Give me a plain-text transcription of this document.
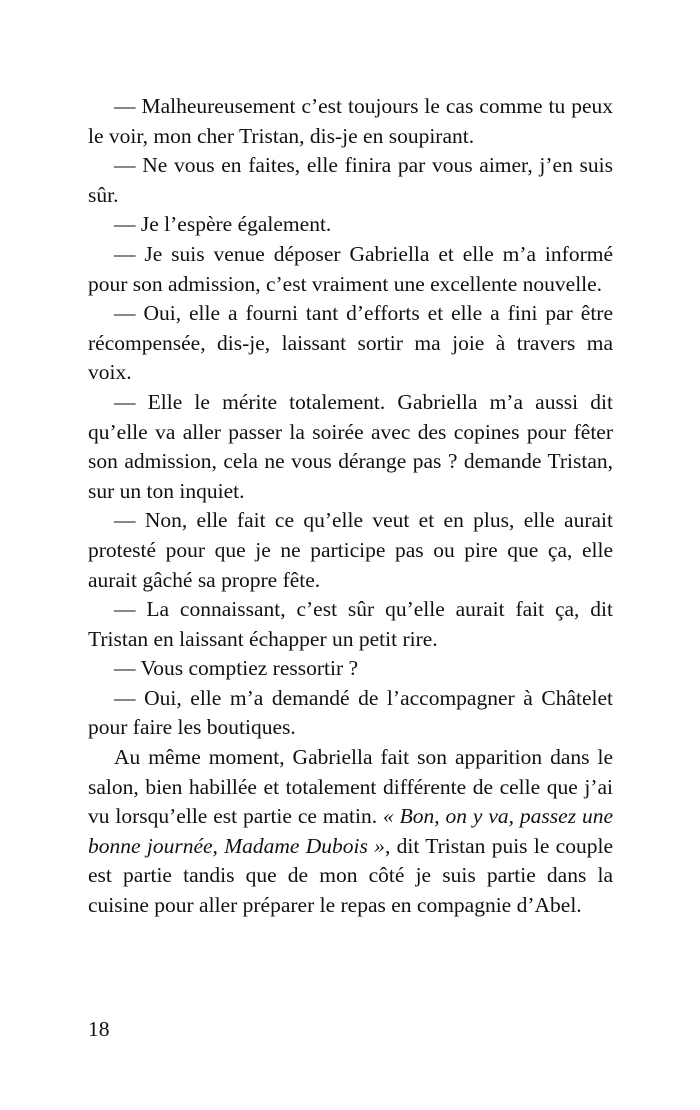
— Malheureusement c’est toujours le cas comme tu peux le voir, mon cher Tristan, dis-je en soupirant.

— Ne vous en faites, elle finira par vous aimer, j’en suis sûr.

— Je l’espère également.

— Je suis venue déposer Gabriella et elle m’a informé pour son admission, c’est vraiment une excellente nouvelle.

— Oui, elle a fourni tant d’efforts et elle a fini par être récompensée, dis-je, laissant sortir ma joie à travers ma voix.

— Elle le mérite totalement. Gabriella m’a aussi dit qu’elle va aller passer la soirée avec des copines pour fêter son admission, cela ne vous dérange pas ? demande Tristan, sur un ton inquiet.

— Non, elle fait ce qu’elle veut et en plus, elle aurait protesté pour que je ne participe pas ou pire que ça, elle aurait gâché sa propre fête.

— La connaissant, c’est sûr qu’elle aurait fait ça, dit Tristan en laissant échapper un petit rire.

— Vous comptiez ressortir ?

— Oui, elle m’a demandé de l’accompagner à Châtelet pour faire les boutiques.

Au même moment, Gabriella fait son apparition dans le salon, bien habillée et totalement différente de celle que j’ai vu lorsqu’elle est partie ce matin. « Bon, on y va, passez une bonne journée, Madame Dubois », dit Tristan puis le couple est partie tandis que de mon côté je suis partie dans la cuisine pour aller préparer le repas en compagnie d’Abel.

18
